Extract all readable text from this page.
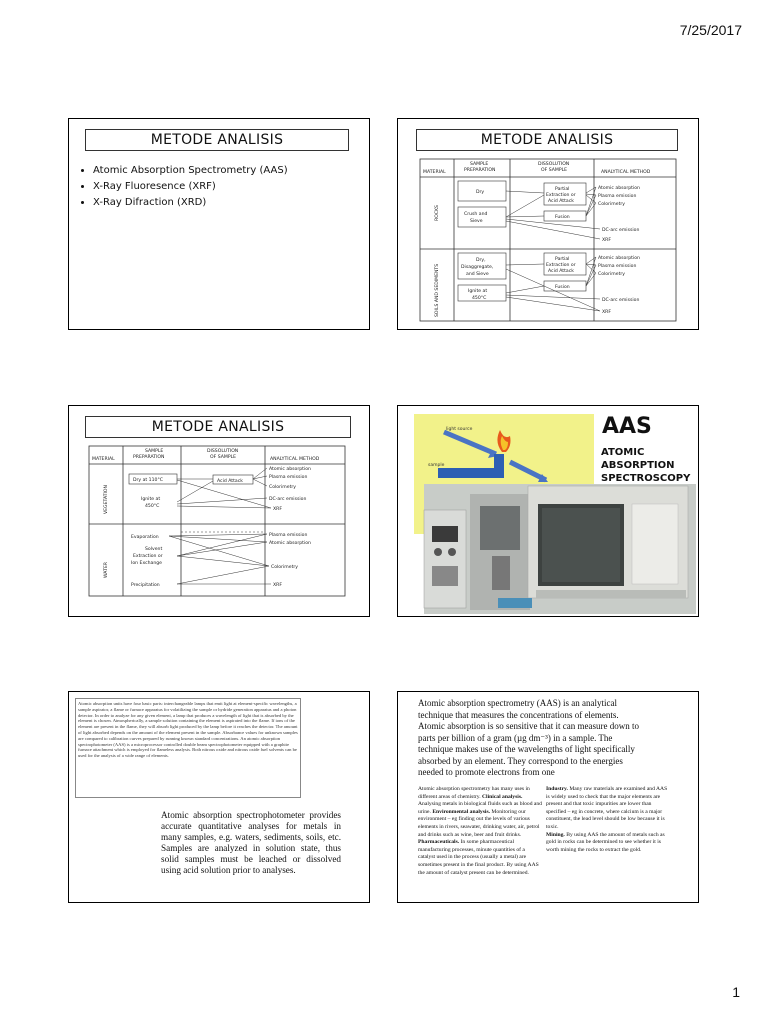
7/25/2017
METODE ANALISIS
• Atomic Absorption Spectrometry (AAS)
• X-Ray Fluoresence (XRF)
• X-Ray Difraction (XRD)
METODE ANALISIS
MATERIAL
SAMPLE
PREPARATION
DISSOLUTION
OF SAMPLE	ANALYTICAL METHOD
ROCKS
SOILS AND SEDIMENTS
Dry
Crush and
Sieve
Partial
Extraction or
Acid Attack
Fusion
Atomic absorption
Plasma emission
Colorimetry
DC-arc emission
XRF
Dry,
Disaggregate,
and Sieve
Ignite at
450°C
Partial
Extraction or
Acid Attack
Fusion
Atomic absorption
Plasma emission
Colorimetry
DC-arc emission
XRF
METODE ANALISIS
MATERIAL
SAMPLE
PREPARATION
DISSOLUTION
OF SAMPLE	ANALYTICAL METHOD
VEGETATION
WATER
Dry at 110°C
Ignite at
450°C
Acid Attack
Atomic absorption
Plasma emission
Colorimetry
DC-arc emission
XRF
Evaporation
Solvent
Extraction or
Ion Exchange
Precipitation
Plasma emission
Atomic absorption
Colorimetry
XRF
light source
sample
AAS
ATOMIC
ABSORPTION
SPECTROSCOPY
Atomic absorption units have four basic parts: interchangeable lamps that emit light at element-specific wavelengths, a sample aspirator, a flame or furnace apparatus for volatilizing the sample or hydride generation apparatus and a photon detector. In order to analyze for any given element, a lamp that produces a wavelength of light that is absorbed by the element is chosen. Atmospherically, a sample solution containing the element is aspirated into the flame. If ions of the element are present in the flame, they will absorb light produced by the lamp before it reaches the detector. The amount of light absorbed depends on the amount of the element present in the sample. Absorbance values for unknown samples are compared to calibration curves prepared by running known standard concentrations. An atomic absorption spectrophotometer (AAS) is a microprocessor controlled double beam spectrophotometer equipped with a graphite furnace attachment which is employed for flameless analysis. Both nitrous oxide and nitrous oxide fuel solvents can be used for the analysis of a wide range of elements.
Atomic absorption spectrophotometer provides accurate quantitative analyses for metals in many samples, e.g. waters, sediments, soils, etc. Samples are analyzed in solution state, thus solid samples must be leached or dissolved using acid solution prior to analyses.
Atomic absorption spectrometry (AAS) is an analytical technique that measures the concentrations of elements. Atomic absorption is so sensitive that it can measure down to parts per billion of a gram (µg dm⁻³) in a sample. The technique makes use of the wavelengths of light specifically absorbed by an element. They correspond to the energies needed to promote electrons from one
Atomic absorption spectrometry has many uses in different areas of chemistry. Clinical analysis. Analysing metals in biological fluids such as blood and urine. Environmental analysis. Monitoring our environment – eg finding out the levels of various elements in rivers, seawater, drinking water, air, petrol and drinks such as wine, beer and fruit drinks. Pharmaceuticals. In some pharmaceutical manufacturing processes, minute quantities of a catalyst used in the process (usually a metal) are sometimes present in the final product. By using AAS the amount of catalyst present can be determined.
Industry. Many raw materials are examined and AAS is widely used to check that the major elements are present and that toxic impurities are lower than specified – eg in concrete, where calcium is a major constituent, the lead level should be low because it is toxic.
Mining. By using AAS the amount of metals such as gold in rocks can be determined to see whether it is worth mining the rocks to extract the gold.
1
